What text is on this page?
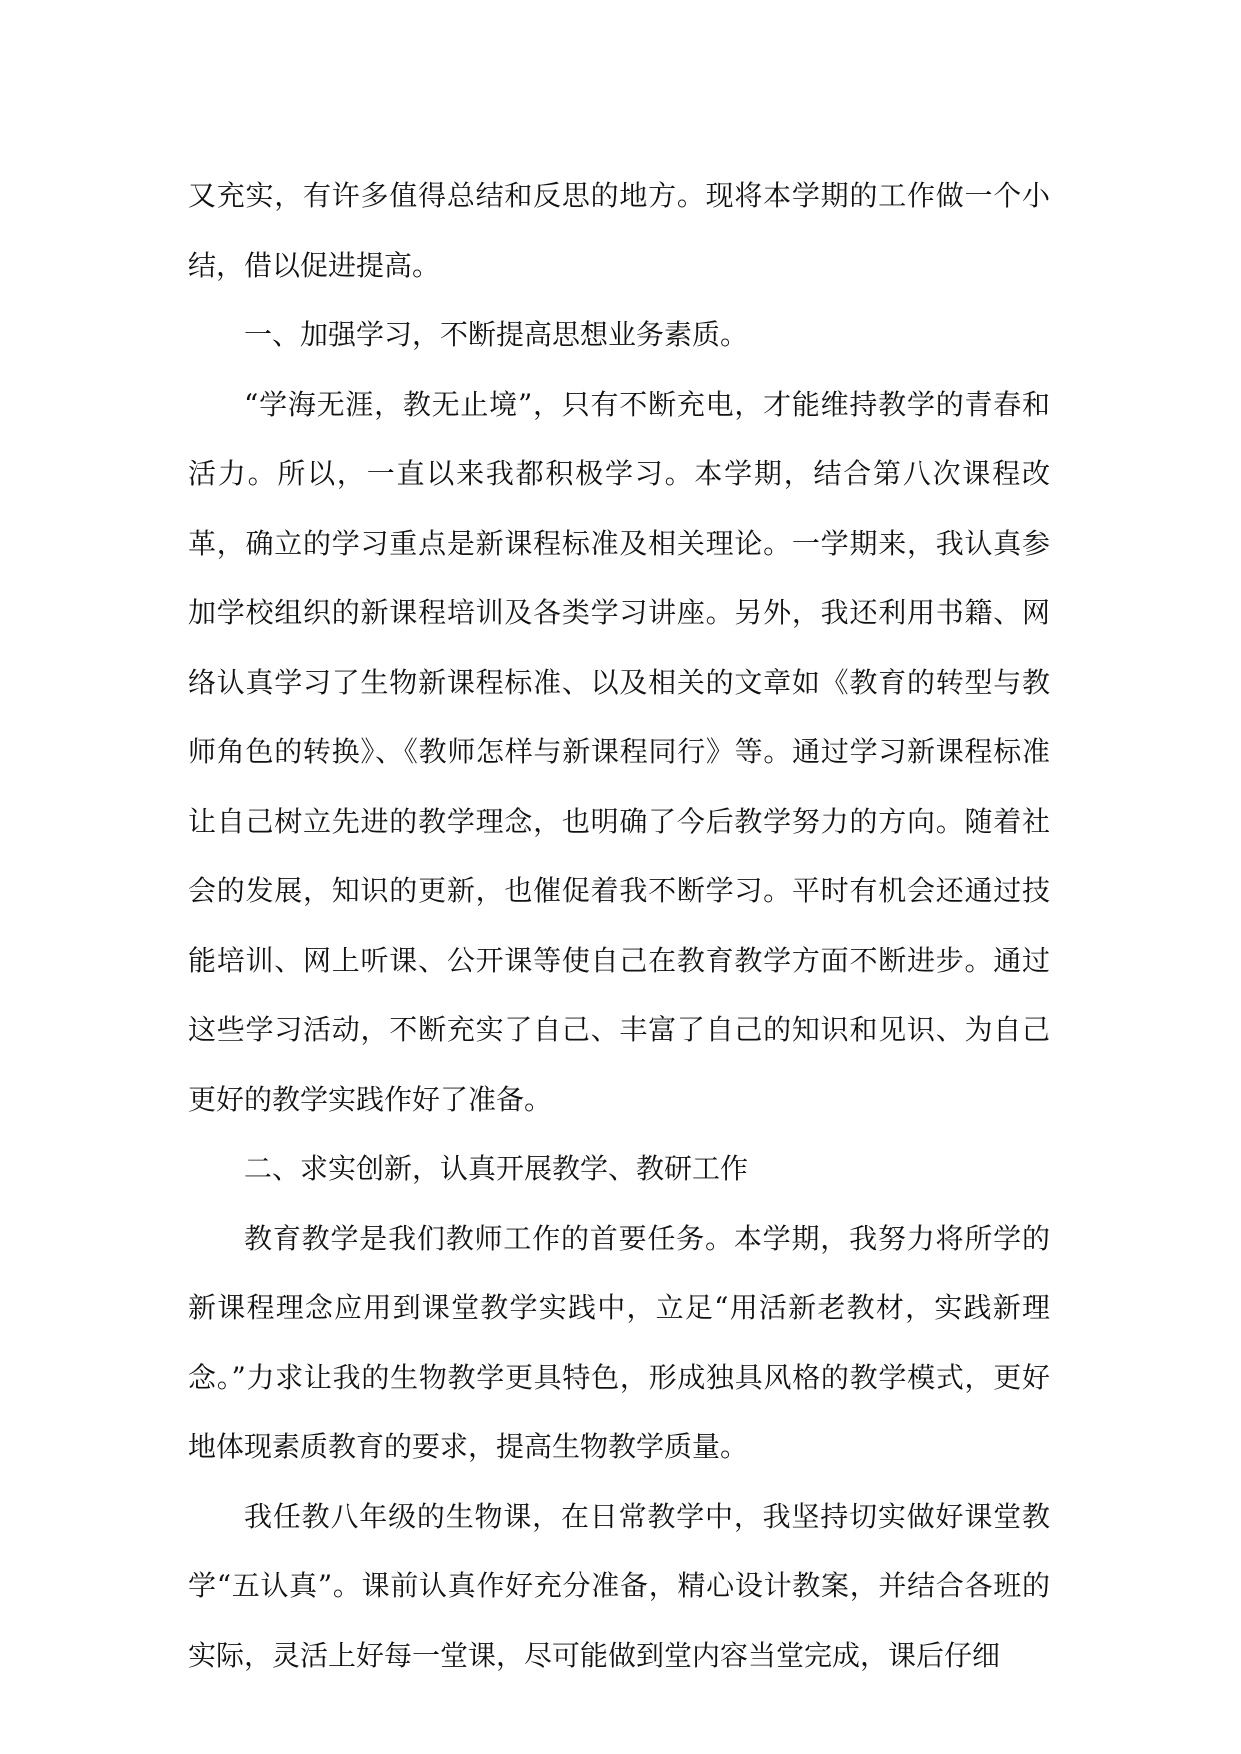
又充实，有许多值得总结和反思的地方。现将本学期的工作做一个小结，借以促进提高。

一、加强学习，不断提高思想业务素质。

“学海无涯，教无止境”，只有不断充电，才能维持教学的青春和活力。所以，一直以来我都积极学习。本学期，结合第八次课程改革，确立的学习重点是新课程标准及相关理论。一学期来，我认真参加学校组织的新课程培训及各类学习讲座。另外，我还利用书籍、网络认真学习了生物新课程标准、以及相关的文章如《教育的转型与教师角色的转换》、《教师怎样与新课程同行》等。通过学习新课程标准让自己树立先进的教学理念，也明确了今后教学努力的方向。随着社会的发展，知识的更新，也催促着我不断学习。平时有机会还通过技能培训、网上听课、公开课等使自己在教育教学方面不断进步。通过这些学习活动，不断充实了自己、丰富了自己的知识和见识、为自己更好的教学实践作好了准备。

二、求实创新，认真开展教学、教研工作

教育教学是我们教师工作的首要任务。本学期，我努力将所学的新课程理念应用到课堂教学实践中，立足“用活新老教材，实践新理念。”力求让我的生物教学更具特色，形成独具风格的教学模式，更好地体现素质教育的要求，提高生物教学质量。

我任教八年级的生物课，在日常教学中，我坚持切实做好课堂教学“五认真”。课前认真作好充分准备，精心设计教案，并结合各班的实际，灵活上好每一堂课，尽可能做到堂内容当堂完成，课后仔细
